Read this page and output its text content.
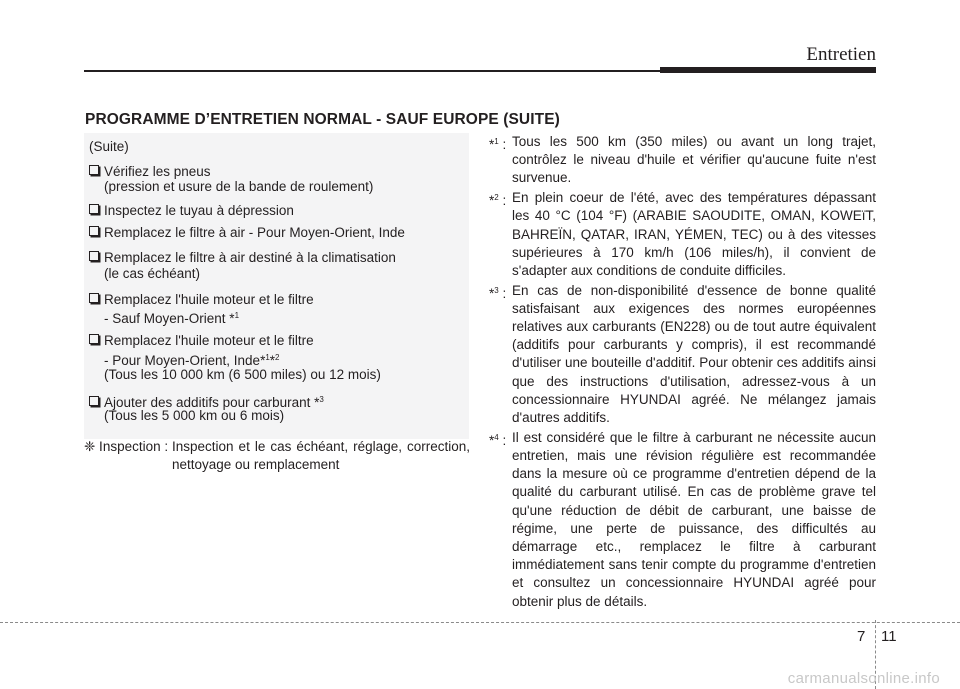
Entretien
PROGRAMME D’ENTRETIEN NORMAL - SAUF EUROPE (SUITE)
(Suite)
Vérifiez les pneus
(pression et usure de la bande de roulement)
Inspectez le tuyau à dépression
Remplacez le filtre à air - Pour Moyen-Orient, Inde
Remplacez le filtre à air destiné à la climatisation
(le cas échéant)
Remplacez l'huile moteur et le filtre
- Sauf Moyen-Orient *$^1$
Remplacez l'huile moteur et le filtre
- Pour Moyen-Orient, Inde*$^1$*$^2$
(Tous les 10 000 km (6 500 miles) ou 12 mois)
Ajouter des additifs pour carburant *$^3$
(Tous les 5 000 km ou 6 mois)
❈ Inspection : Inspection et le cas échéant, réglage, correction, nettoyage ou remplacement
*$^1$ : Tous les 500 km (350 miles) ou avant un long trajet, contrôlez le niveau d'huile et vérifier qu'aucune fuite n'est survenue.
*$^2$ : En plein coeur de l'été, avec des températures dépassant les 40 °C (104 °F) (ARABIE SAOUDITE, OMAN, KOWEïT, BAHREÏN, QATAR, IRAN, YÉMEN, TEC) ou à des vitesses supérieures à 170 km/h (106 miles/h), il convient de s'adapter aux conditions de conduite difficiles.
*$^3$ : En cas de non-disponibilité d'essence de bonne qualité satisfaisant aux exigences des normes européennes relatives aux carburants (EN228) ou de tout autre équivalent (additifs pour carburants y compris), il est recommandé d'utiliser une bouteille d'additif. Pour obtenir ces additifs ainsi que des instructions d'utilisation, adressez-vous à un concessionnaire HYUNDAI agréé. Ne mélangez jamais d'autres additifs.
*$^4$ : Il est considéré que le filtre à carburant ne nécessite aucun entretien, mais une révision régulière est recommandée dans la mesure où ce programme d'entretien dépend de la qualité du carburant utilisé. En cas de problème grave tel qu'une réduction de débit de carburant, une baisse de régime, une perte de puissance, des difficultés au démarrage etc., remplacez le filtre à carburant immédiatement sans tenir compte du programme d'entretien et consultez un concessionnaire HYUNDAI agréé pour obtenir plus de détails.
7 11
carmanualsonline.info
